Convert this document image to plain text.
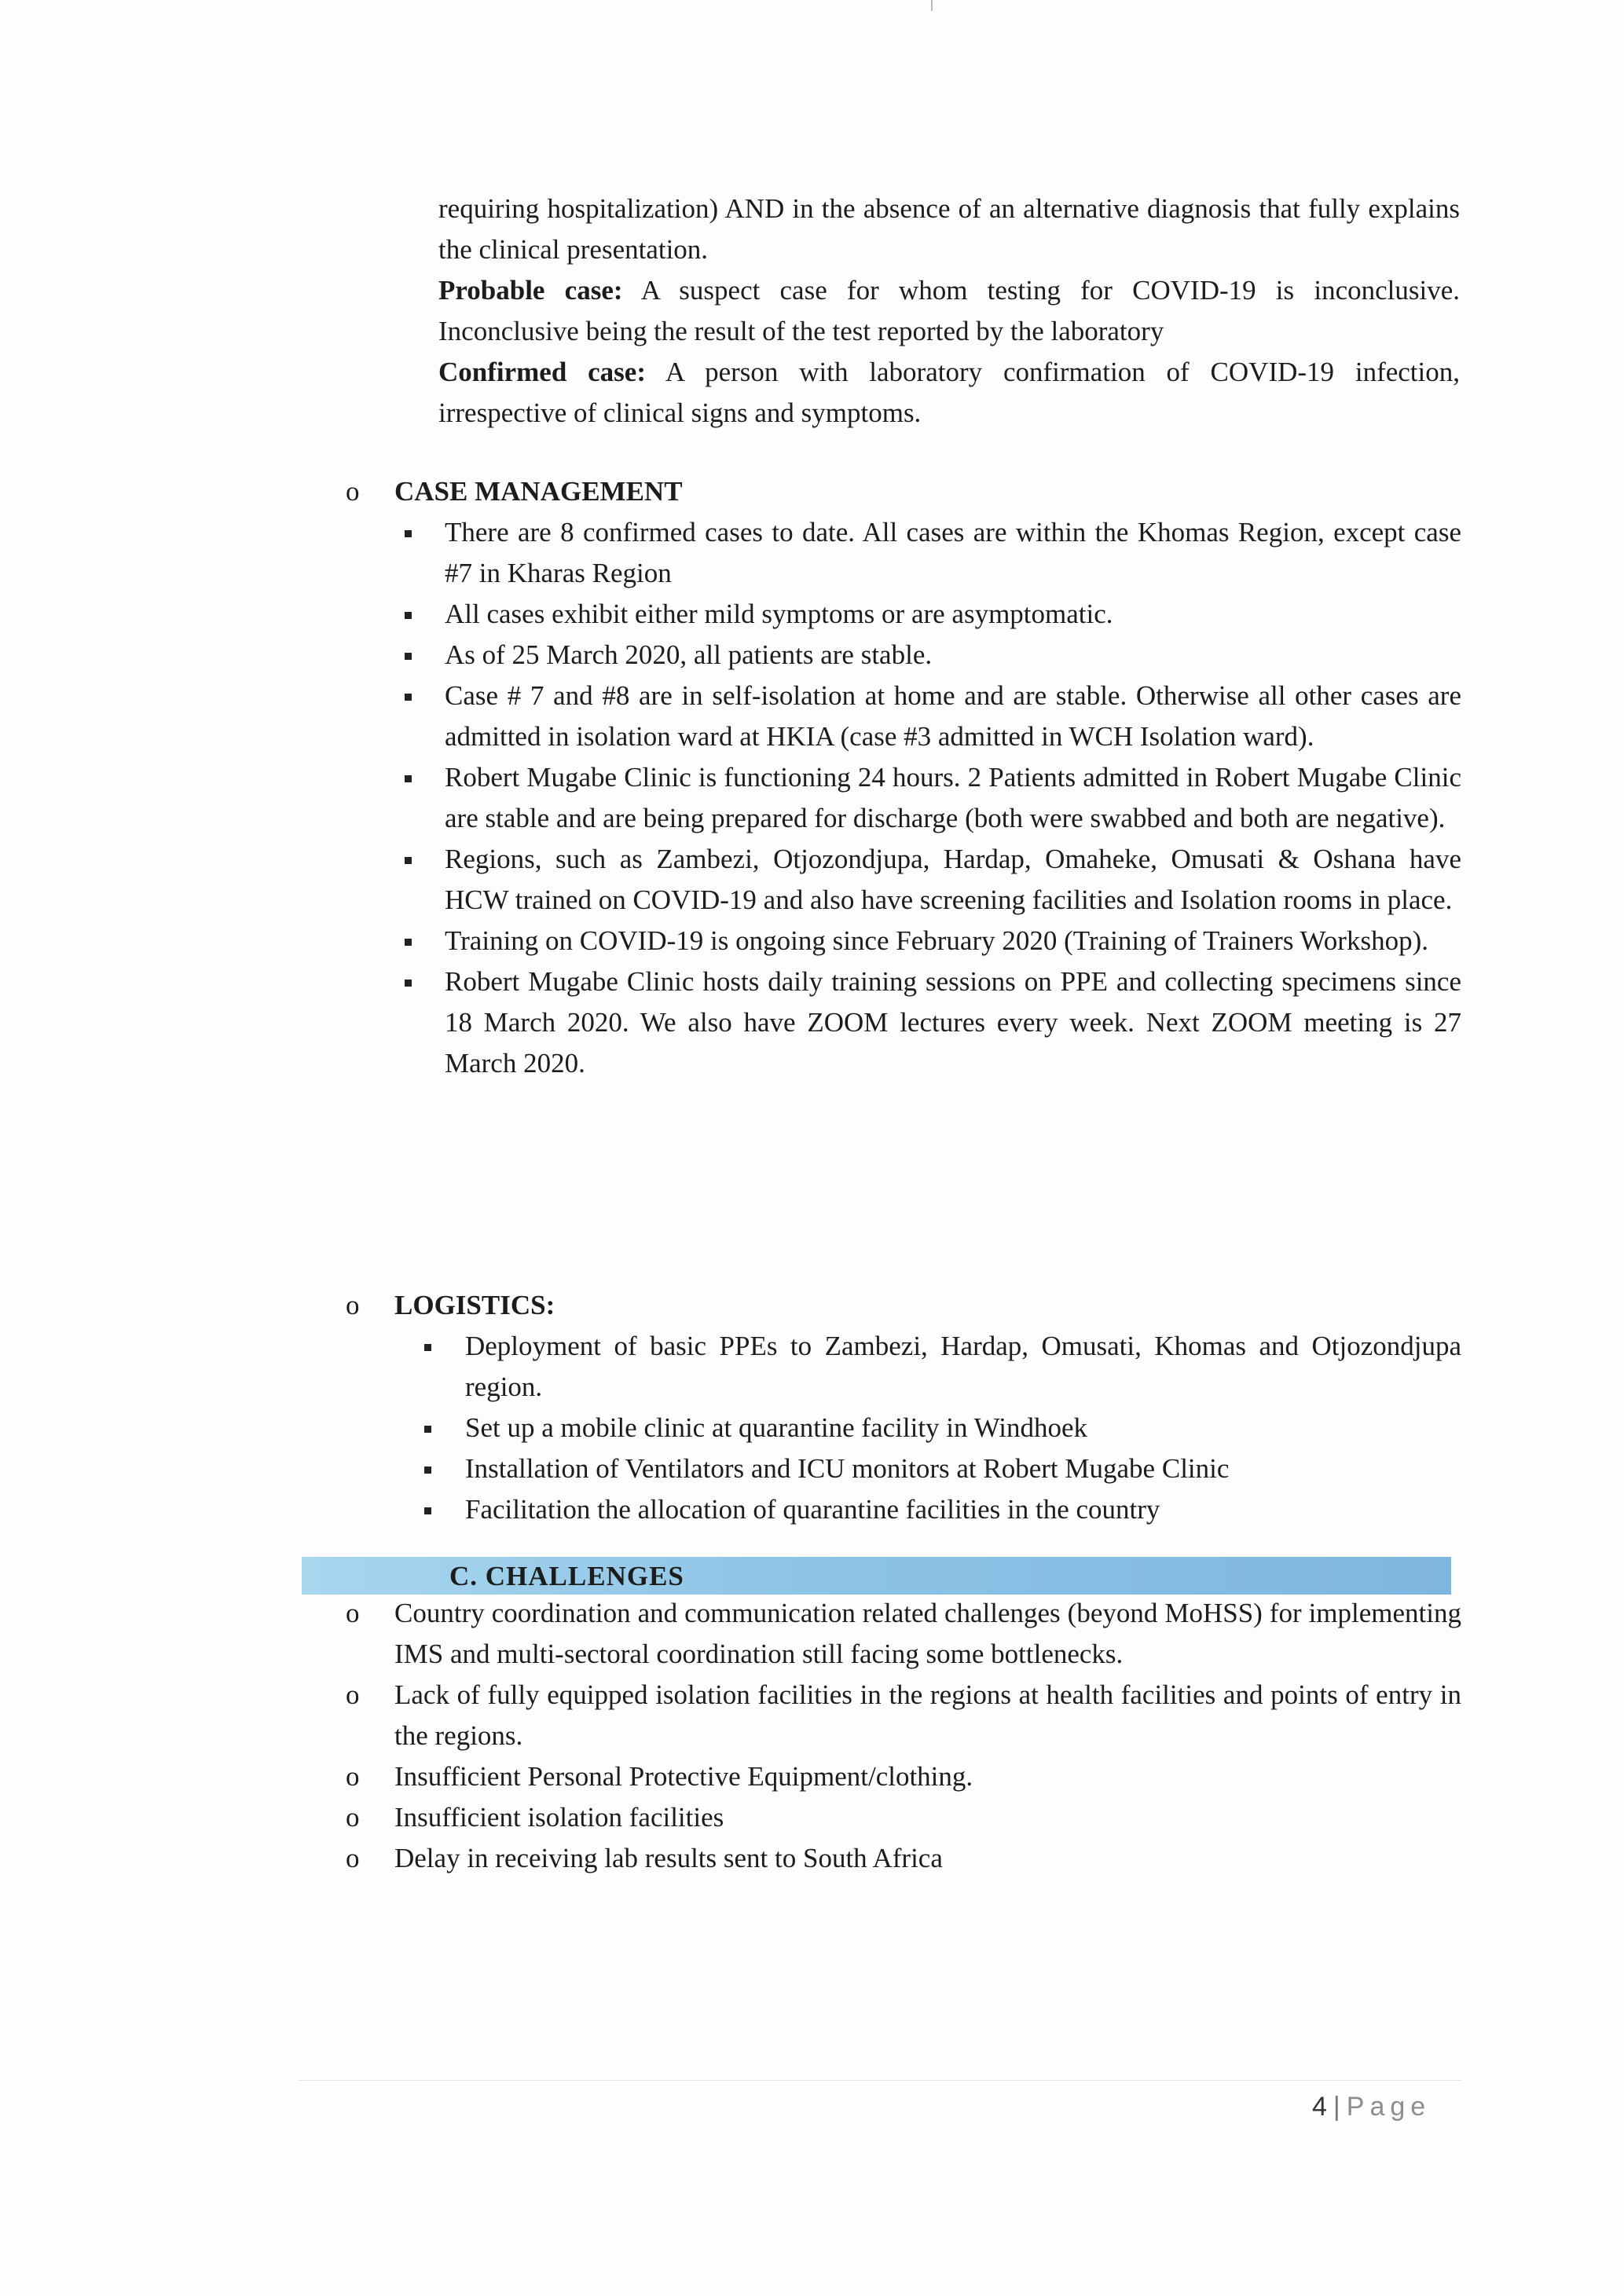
requiring hospitalization) AND in the absence of an alternative diagnosis that fully explains the clinical presentation.

Probable case: A suspect case for whom testing for COVID-19 is inconclusive. Inconclusive being the result of the test reported by the laboratory

Confirmed case: A person with laboratory confirmation of COVID-19 infection, irrespective of clinical signs and symptoms.

o CASE MANAGEMENT
There are 8 confirmed cases to date. All cases are within the Khomas Region, except case #7 in Kharas Region
All cases exhibit either mild symptoms or are asymptomatic.
As of 25 March 2020, all patients are stable.
Case # 7 and #8 are in self-isolation at home and are stable. Otherwise all other cases are admitted in isolation ward at HKIA (case #3 admitted in WCH Isolation ward).
Robert Mugabe Clinic is functioning 24 hours. 2 Patients admitted in Robert Mugabe Clinic are stable and are being prepared for discharge (both were swabbed and both are negative).
Regions, such as Zambezi, Otjozondjupa, Hardap, Omaheke, Omusati & Oshana have HCW trained on COVID-19 and also have screening facilities and Isolation rooms in place.
Training on COVID-19 is ongoing since February 2020 (Training of Trainers Workshop).
Robert Mugabe Clinic hosts daily training sessions on PPE and collecting specimens since 18 March 2020. We also have ZOOM lectures every week. Next ZOOM meeting is 27 March 2020.
o LOGISTICS:
Deployment of basic PPEs to Zambezi, Hardap, Omusati, Khomas and Otjozondjupa region.
Set up a mobile clinic at quarantine facility in Windhoek
Installation of Ventilators and ICU monitors at Robert Mugabe Clinic
Facilitation the allocation of quarantine facilities in the country
C. CHALLENGES
o Country coordination and communication related challenges (beyond MoHSS) for implementing IMS and multi-sectoral coordination still facing some bottlenecks.
o Lack of fully equipped isolation facilities in the regions at health facilities and points of entry in the regions.
o Insufficient Personal Protective Equipment/clothing.
o Insufficient isolation facilities
o Delay in receiving lab results sent to South Africa
4 | Page
